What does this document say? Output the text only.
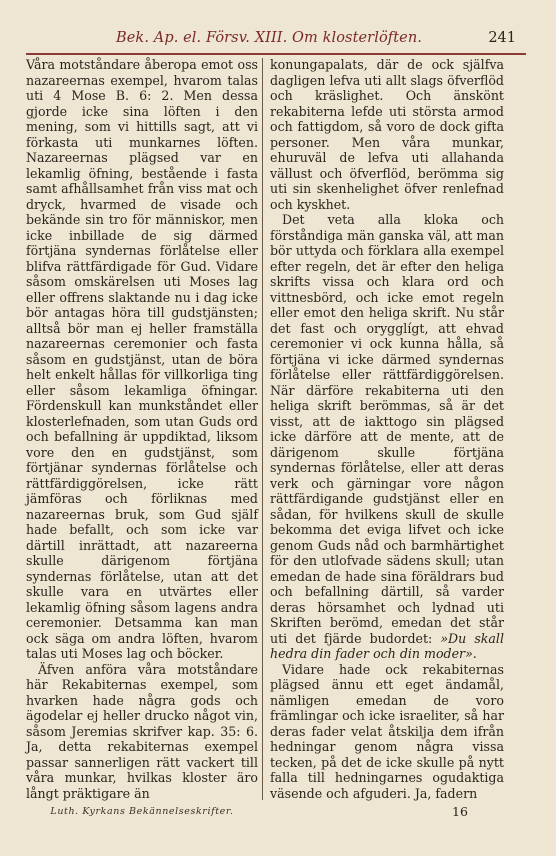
Bek. Ap. el. Försv. XIII. Om klosterlöften.	241

Våra motståndare åberopa emot oss nazareernas exempel, hvarom talas uti 4 Mose B. 6: 2. Men dessa gjorde icke sina löften i den mening, som vi hittills sagt, att vi förkasta uti munkarnes löften. Nazareernas plägsed var en lekamlig öfning, bestående i fasta samt afhållsamhet från viss mat och dryck, hvarmed de visade och bekände sin tro för människor, men icke inbillade de sig därmed förtjäna syndernas förlåtelse eller blifva rättfärdigade för Gud. Vidare såsom omskärelsen uti Moses lag eller offrens slaktande nu i dag icke bör antagas höra till gudstjänsten; alltså bör man ej heller framställa nazareernas ceremonier och fasta såsom en gudstjänst, utan de böra helt enkelt hållas för villkorliga ting eller såsom lekamliga öfningar. Fördenskull kan munkståndet eller klosterlefnaden, som utan Guds ord och befallning är uppdiktad, liksom vore den en gudstjänst, som förtjänar syndernas förlåtelse och rättfärdiggörelsen, icke rätt jämföras och förliknas med nazareernas bruk, som Gud själf hade befallt, och som icke var därtill inrättadt, att nazareerna skulle därigenom förtjäna syndernas förlåtelse, utan att det skulle vara en utvärtes eller lekamlig öfning såsom lagens andra ceremonier. Detsamma kan man ock säga om andra löften, hvarom talas uti Moses lag och böcker.

Äfven anföra våra motståndare här Rekabiternas exempel, som hvarken hade några gods och ägodelar ej heller drucko något vin, såsom Jeremias skrifver kap. 35: 6. Ja, detta rekabiternas exempel passar sannerligen rätt vackert till våra munkar, hvilkas kloster äro långt präktigare än

konungapalats, där de ock själfva dagligen lefva uti allt slags öfverflöd och kräslighet. Och änskönt rekabiterna lefde uti största armod och fattigdom, så voro de dock gifta personer. Men våra munkar, ehuruväl de lefva uti allahanda vällust och öfverflöd, berömma sig uti sin skenhelighet öfver renlefnad och kyskhet.

Det veta alla kloka och förståndiga män ganska väl, att man bör uttyda och förklara alla exempel efter regeln, det är efter den heliga skrifts vissa och klara ord och vittnesbörd, och icke emot regeln eller emot den heliga skrift. Nu står det fast och orygglígt, att ehvad ceremonier vi ock kunna hålla, så förtjäna vi icke därmed syndernas förlåtelse eller rättfärdiggörelsen. När därföre rekabiterna uti den heliga skrift berömmas, så är det visst, att de iakttogo sin plägsed icke därföre att de mente, att de därigenom skulle förtjäna syndernas förlåtelse, eller att deras verk och gärningar vore någon rättfärdigande gudstjänst eller en sådan, för hvilkens skull de skulle bekomma det eviga lifvet och icke genom Guds nåd och barmhärtighet för den utlofvade sädens skull; utan emedan de hade sina föräldrars bud och befallning därtill, så varder deras hörsamhet och lydnad uti Skriften berömd, emedan det står uti det fjärde budordet: »Du skall hedra din fader och din moder».

Vidare hade ock rekabiternas plägsed ännu ett eget ändamål, nämligen emedan de voro främlingar och icke israeliter, så har deras fader velat åtskilja dem ifrån hedningar genom några vissa tecken, på det de icke skulle på nytt falla till hedningarnes ogudaktiga väsende och afguderi. Ja, fadern

Luth. Kyrkans Bekännelseskrifter.	16
